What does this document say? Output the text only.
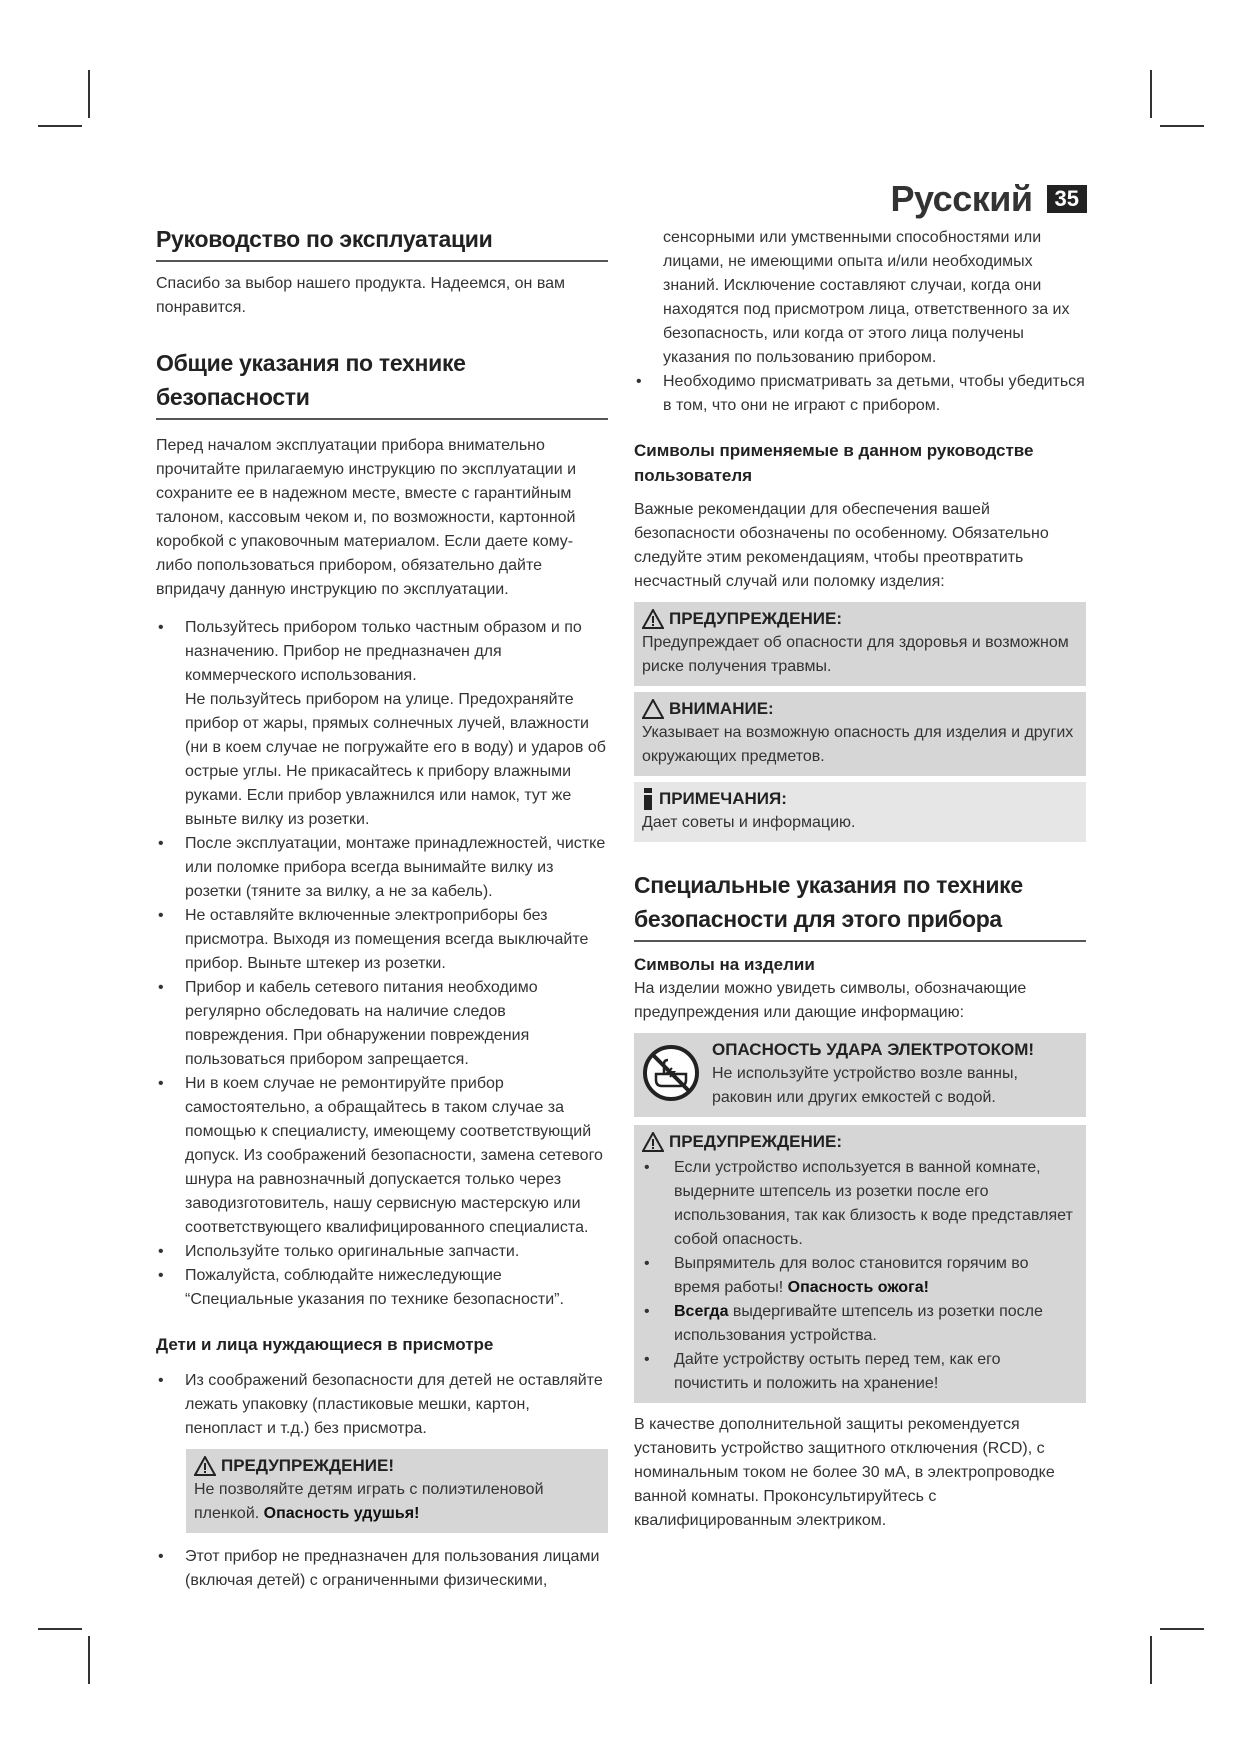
Русский	35
Руководство по эксплуатации

Спасибо за выбор нашего продукта. Надеемся, он вам понравится.

Общие указания по технике безопасности

Перед началом эксплуатации прибора внимательно прочитайте прилагаемую инструкцию по эксплуатации и сохраните ее в надежном месте, вместе с гарантийным талоном, кассовым чеком и, по возможности, картонной коробкой с упаковочным материалом. Если даете кому-либо попользоваться прибором, обязательно дайте впридачу данную инструкцию по эксплуатации.

• Пользуйтесь прибором только частным образом и по назначению. Прибор не предназначен для коммерческого использования.
Не пользуйтесь прибором на улице. Предохраняйте прибор от жары, прямых солнечных лучей, влажности (ни в коем случае не погружайте его в воду) и ударов об острые углы. Не прикасайтесь к прибору влажными руками. Если прибор увлажнился или намок, тут же выньте вилку из розетки.
• После эксплуатации, монтаже принадлежностей, чистке или поломке прибора всегда вынимайте вилку из розетки (тяните за вилку, а не за кабель).
• Не оставляйте включенные электроприборы без присмотра. Выходя из помещения всегда выключайте прибор. Выньте штекер из розетки.
• Прибор и кабель сетевого питания необходимо регулярно обследовать на наличие следов повреждения. При обнаружении повреждения пользоваться прибором запрещается.
• Ни в коем случае не ремонтируйте прибор самостоятельно, а обращайтесь в таком случае за помощью к специалисту, имеющему соответствующий допуск. Из соображений безопасности, замена сетевого шнура на равнозначный допускается только через заводизготовитель, нашу сервисную мастерскую или соответствующего квалифицированного специалиста.
• Используйте только оригинальные запчасти.
• Пожалуйста, соблюдайте нижеследующие “Специальные указания по технике безопасности”.
Дети и лица нуждающиеся в присмотре
• Из соображений безопасности для детей не оставляйте лежать упаковку (пластиковые мешки, картон, пенопласт и т.д.) без присмотра.
ПРЕДУПРЕЖДЕНИЕ!
Не позволяйте детям играть с полиэтиленовой пленкой. Опасность удушья!
• Этот прибор не предназначен для пользования лицами (включая детей) с ограниченными физическими,
сенсорными или умственными способностями или лицами, не имеющими опыта и/или необходимых знаний. Исключение составляют случаи, когда они находятся под присмотром лица, ответственного за их безопасность, или когда от этого лица получены указания по пользованию прибором.
• Необходимо присматривать за детьми, чтобы убедиться в том, что они не играют с прибором.
Символы применяемые в данном руководстве пользователя

Важные рекомендации для обеспечения вашей безопасности обозначены по особенному. Обязательно следуйте этим рекомендациям, чтобы преотвратить несчастный случай или поломку изделия:

ПРЕДУПРЕЖДЕНИЕ:
Предупреждает об опасности для здоровья и возможном риске получения травмы.
ВНИМАНИЕ:
Указывает на возможную опасность для изделия и других окружающих предметов.
ПРИМЕЧАНИЯ:
Дает советы и информацию.
Специальные указания по технике безопасности для этого прибора
Символы на изделии

На изделии можно увидеть символы, обозначающие предупреждения или дающие информацию:

ОПАСНОСТЬ УДАРА ЭЛЕКТРОТОКОМ!
Не используйте устройство возле ванны, раковин или других емкостей с водой.
ПРЕДУПРЕЖДЕНИЕ:
• Если устройство используется в ванной комнате, выдерните штепсель из розетки после его использования, так как близость к воде представляет собой опасность.
• Выпрямитель для волос становится горячим во время работы! Опасность ожога!
• Всегда выдергивайте штепсель из розетки после использования устройства.
• Дайте устройству остыть перед тем, как его почистить и положить на хранение!

В качестве дополнительной защиты рекомендуется установить устройство защитного отключения (RCD), с номинальным током не более 30 мА, в электропроводке ванной комнаты. Проконсультируйтесь с квалифицированным электриком.
